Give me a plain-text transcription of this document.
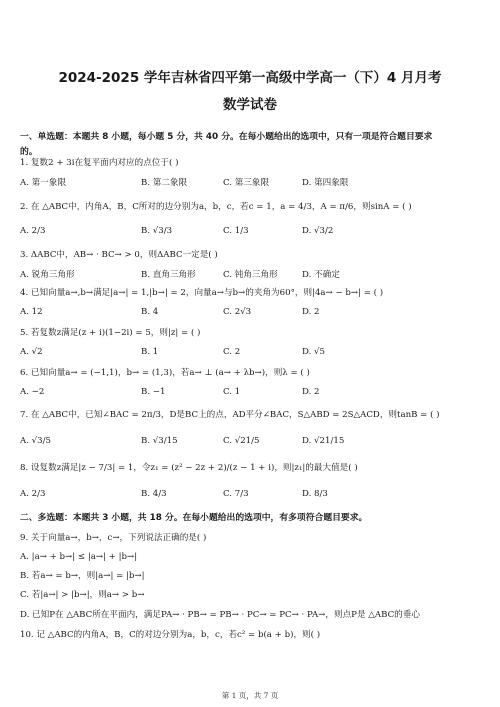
2024-2025 学年吉林省四平第一高级中学高一（下）4 月月考
数学试卷
一、单选题：本题共 8 小题，每小题 5 分，共 40 分。在每小题给出的选项中，只有一项是符合题目要求
的。
1. 复数2 + 3i在复平面内对应的点位于( )
A. 第一象限	B. 第二象限	C. 第三象限	D. 第四象限
2. 在 △ABC中，内角A，B，C所对的边分别为a，b，c，若c = 1，a = 4/3，A = π/6，则sinA = ( )
A. 2/3	B. √3/3	C. 1/3	D. √3/2
3. ΔABC中，AB→ · BC→ > 0，则ΔABC一定是( )
A. 锐角三角形	B. 直角三角形	C. 钝角三角形	D. 不确定
4. 已知向量a→,b→满足|a→| = 1,|b→| = 2，向量a→与b→的夹角为60°，则|4a→ − b→| = ( )
A. 12	B. 4	C. 2√3	D. 2
5. 若复数z满足(z + i)(1−2i) = 5，则|z| = ( )
A. √2	B. 1	C. 2	D. √5
6. 已知向量a→ = (−1,1)，b→ = (1,3)，若a→ ⊥ (a→ + λb→)，则λ = ( )
A. −2	B. −1	C. 1	D. 2
7. 在 △ABC中，已知∠BAC = 2π/3，D是BC上的点，AD平分∠BAC，S△ABD = 2S△ACD，则tanB = ( )
A. √3/5	B. √3/15	C. √21/5	D. √21/15
8. 设复数z满足|z − 7/3| = 1，令z₁ = (z² − 2z + 2)/(z − 1 + i)，则|z₁|的最大值是( )
A. 2/3	B. 4/3	C. 7/3	D. 8/3
二、多选题：本题共 3 小题，共 18 分。在每小题给出的选项中，有多项符合题目要求。
9. 关于向量a→，b→，c→，下列说法正确的是( )
A. |a→ + b→| ≤ |a→| + |b→|
B. 若a→ = b→，则|a→| = |b→|
C. 若|a→| > |b→|，则a→ > b→
D. 已知P在 △ABC所在平面内，满足PA→ · PB→ = PB→ · PC→ = PC→ · PA→，则点P是 △ABC的垂心
10. 记 △ABC的内角A，B，C的对边分别为a，b，c，若c² = b(a + b)，则( )
第 1 页，共 7 页
